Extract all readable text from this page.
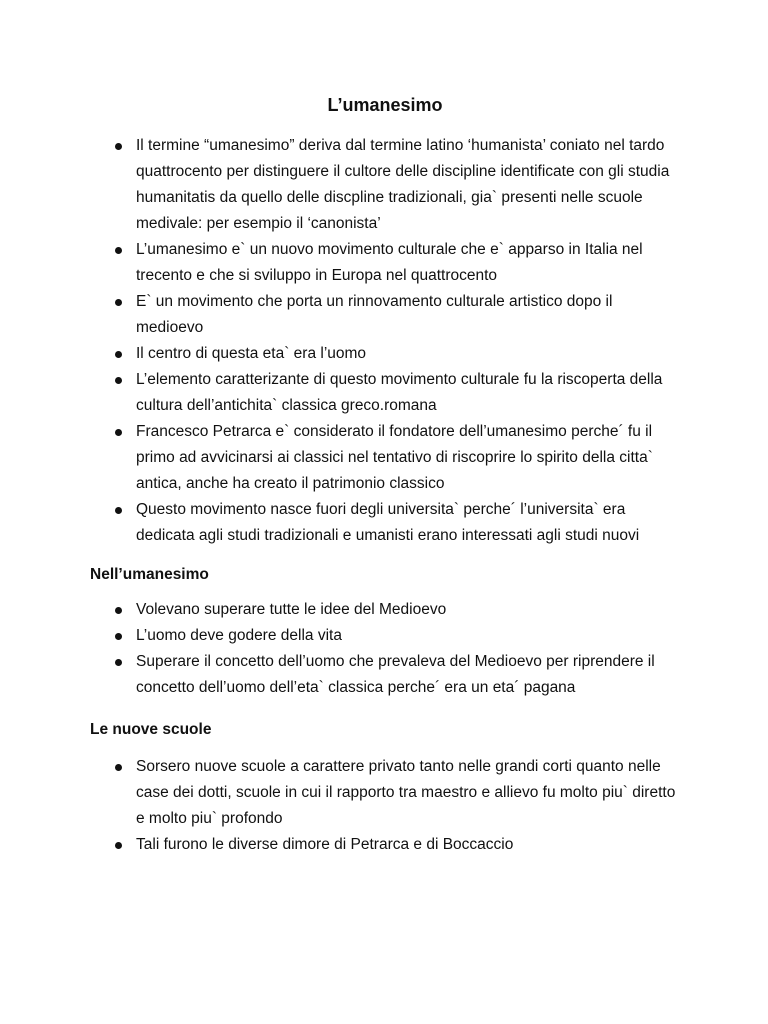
L’umanesimo
Il termine “umanesimo” deriva dal termine latino ‘humanista’ coniato nel tardo quattrocento per distinguere il cultore delle discipline identificate con gli studia humanitatis da quello delle discpline tradizionali, gia` presenti nelle scuole medivale: per esempio il ‘canonista’
L’umanesimo e` un nuovo movimento culturale che e` apparso in Italia nel trecento e che si sviluppo in Europa nel quattrocento
E` un movimento che porta un rinnovamento culturale artistico dopo il medioevo
Il centro di questa eta` era l’uomo
L’elemento caratterizante di questo movimento culturale fu la riscoperta della cultura dell’antichita` classica greco.romana
Francesco Petrarca e` considerato il fondatore dell’umanesimo perche´ fu il primo ad avvicinarsi ai classici nel tentativo di riscoprire lo spirito della citta` antica, anche ha creato il patrimonio classico
Questo movimento nasce fuori degli universita` perche´ l’universita` era dedicata agli studi tradizionali e umanisti erano interessati agli studi nuovi
Nell’umanesimo
Volevano superare tutte le idee del Medioevo
L’uomo deve godere della vita
Superare il concetto dell’uomo che prevaleva del Medioevo per riprendere il concetto dell’uomo dell’eta` classica perche´ era un eta´ pagana
Le nuove scuole
Sorsero nuove scuole a carattere privato tanto nelle grandi corti quanto nelle case dei dotti, scuole in cui il rapporto tra maestro e allievo fu molto piu` diretto e molto piu` profondo
Tali furono le diverse dimore di Petrarca e di Boccaccio
